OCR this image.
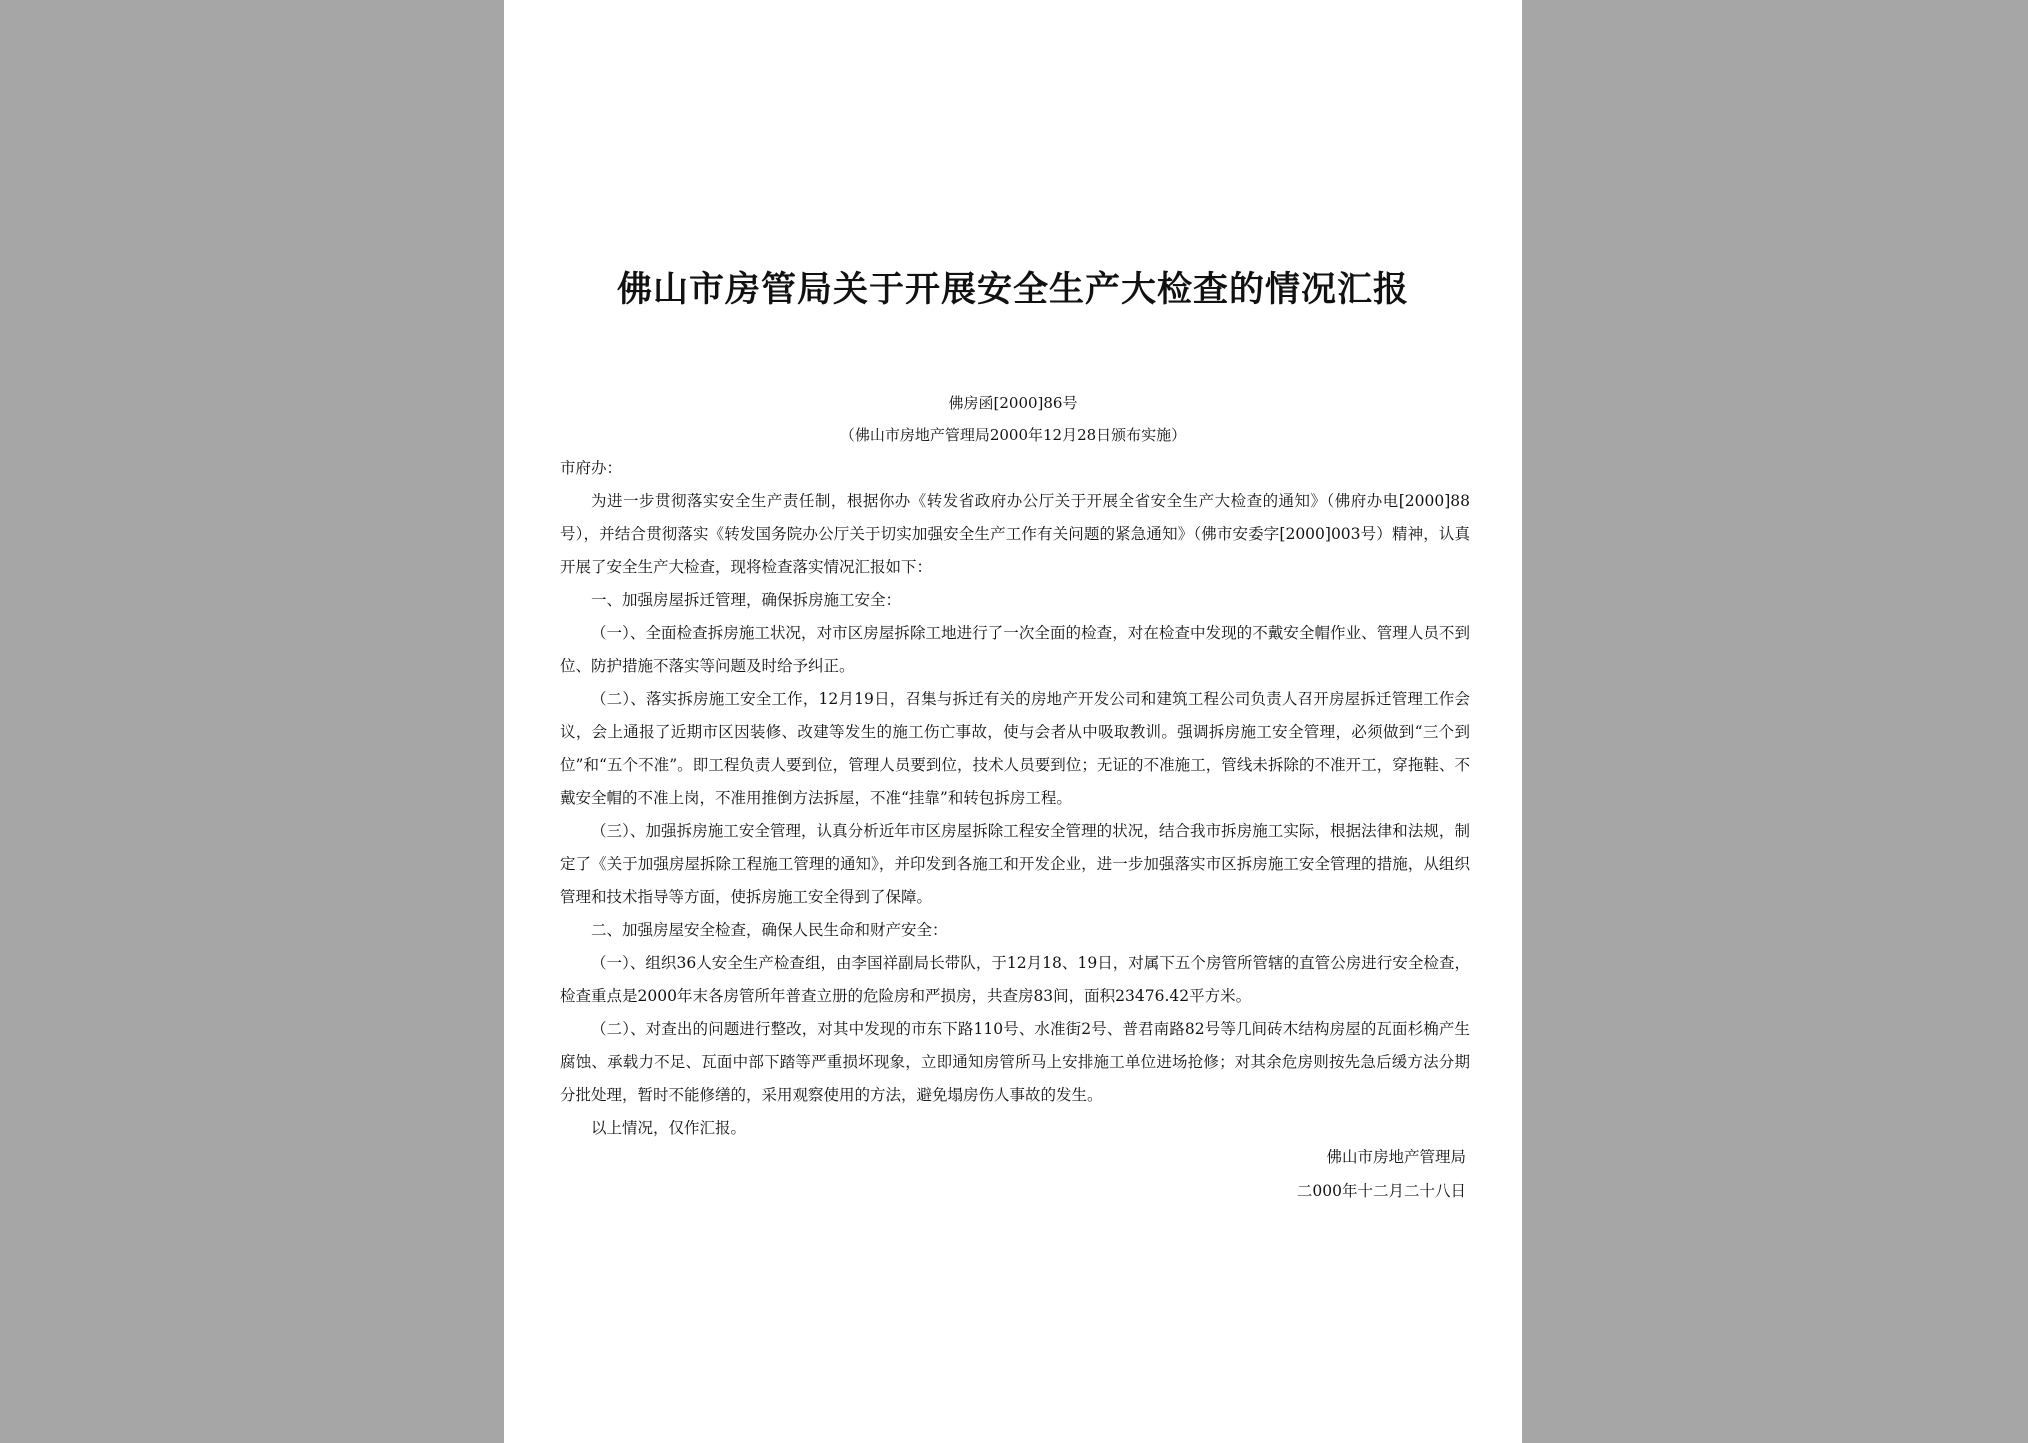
佛山市房管局关于开展安全生产大检查的情况汇报
佛房函[2000]86号
（佛山市房地产管理局2000年12月28日颁布实施）

市府办：

为进一步贯彻落实安全生产责任制，根据你办《转发省政府办公厅关于开展全省安全生产大检查的通知》（佛府办电[2000]88号），并结合贯彻落实《转发国务院办公厅关于切实加强安全生产工作有关问题的紧急通知》（佛市安委字[2000]003号）精神，认真开展了安全生产大检查，现将检查落实情况汇报如下：

一、加强房屋拆迁管理，确保拆房施工安全：

（一）、全面检查拆房施工状况，对市区房屋拆除工地进行了一次全面的检查，对在检查中发现的不戴安全帽作业、管理人员不到位、防护措施不落实等问题及时给予纠正。

（二）、落实拆房施工安全工作，12月19日，召集与拆迁有关的房地产开发公司和建筑工程公司负责人召开房屋拆迁管理工作会议，会上通报了近期市区因装修、改建等发生的施工伤亡事故，使与会者从中吸取教训。强调拆房施工安全管理，必须做到“三个到位”和“五个不准”。即工程负责人要到位，管理人员要到位，技术人员要到位；无证的不准施工，管线未拆除的不准开工，穿拖鞋、不戴安全帽的不准上岗，不准用推倒方法拆屋，不准“挂靠”和转包拆房工程。

（三）、加强拆房施工安全管理，认真分析近年市区房屋拆除工程安全管理的状况，结合我市拆房施工实际，根据法律和法规，制定了《关于加强房屋拆除工程施工管理的通知》，并印发到各施工和开发企业，进一步加强落实市区拆房施工安全管理的措施，从组织管理和技术指导等方面，使拆房施工安全得到了保障。

二、加强房屋安全检查，确保人民生命和财产安全：

（一）、组织36人安全生产检查组，由李国祥副局长带队，于12月18、19日，对属下五个房管所管辖的直管公房进行安全检查，检查重点是2000年末各房管所年普查立册的危险房和严损房，共查房83间，面积23476.42平方米。

（二）、对查出的问题进行整改，对其中发现的市东下路110号、水准街2号、普君南路82号等几间砖木结构房屋的瓦面杉桷产生腐蚀、承载力不足、瓦面中部下踏等严重损坏现象，立即通知房管所马上安排施工单位进场抢修；对其余危房则按先急后缓方法分期分批处理，暂时不能修缮的，采用观察使用的方法，避免塌房伤人事故的发生。

以上情况，仅作汇报。

佛山市房地产管理局
二000年十二月二十八日
